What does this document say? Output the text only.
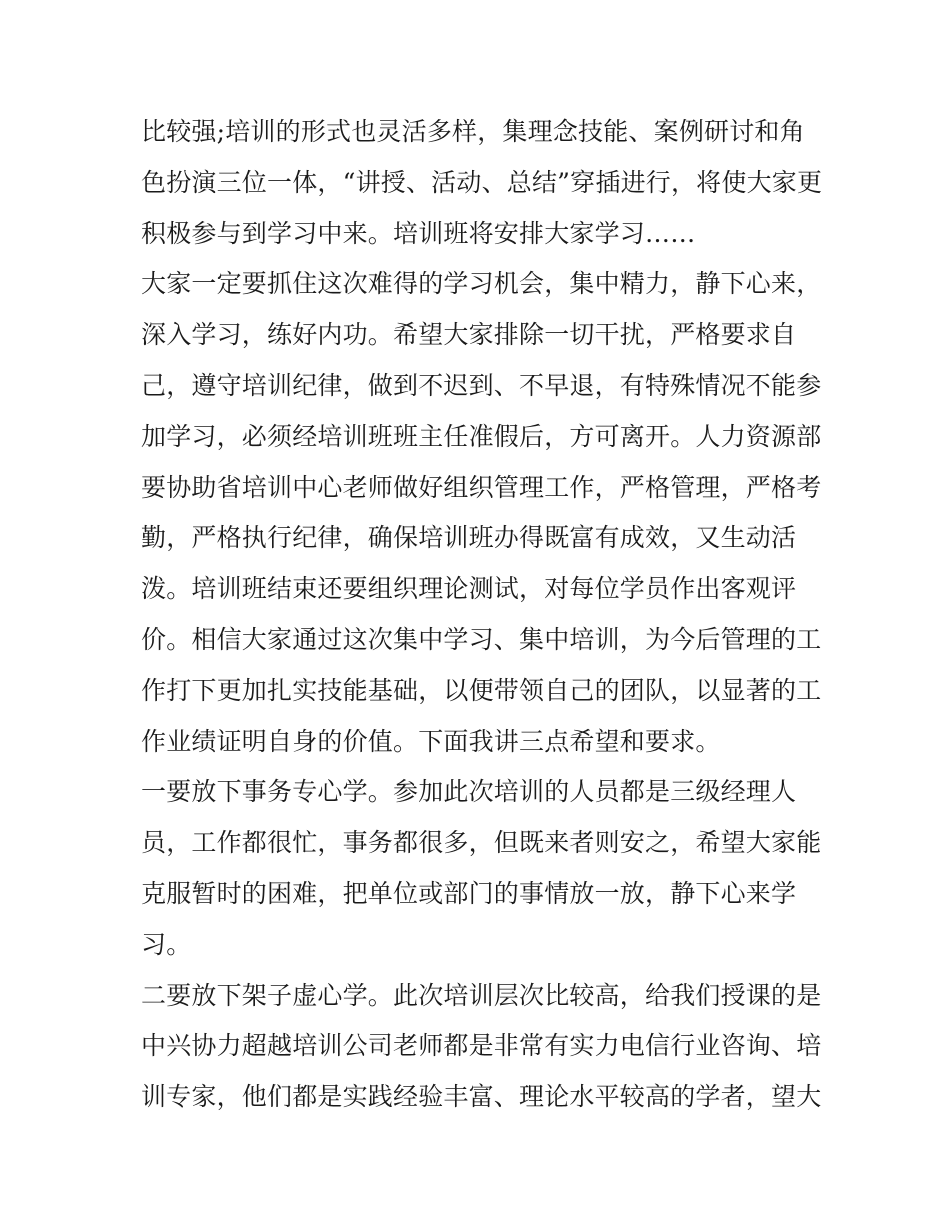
比较强;培训的形式也灵活多样，集理念技能、案例研讨和角
色扮演三位一体，“讲授、活动、总结”穿插进行，将使大家更
积极参与到学习中来。培训班将安排大家学习……
大家一定要抓住这次难得的学习机会，集中精力，静下心来，
深入学习，练好内功。希望大家排除一切干扰，严格要求自
己，遵守培训纪律，做到不迟到、不早退，有特殊情况不能参
加学习，必须经培训班班主任准假后，方可离开。人力资源部
要协助省培训中心老师做好组织管理工作，严格管理，严格考
勤，严格执行纪律，确保培训班办得既富有成效，又生动活
泼。培训班结束还要组织理论测试，对每位学员作出客观评
价。相信大家通过这次集中学习、集中培训，为今后管理的工
作打下更加扎实技能基础，以便带领自己的团队，以显著的工
作业绩证明自身的价值。下面我讲三点希望和要求。
一要放下事务专心学。参加此次培训的人员都是三级经理人
员，工作都很忙，事务都很多，但既来者则安之，希望大家能
克服暂时的困难，把单位或部门的事情放一放，静下心来学
习。
二要放下架子虚心学。此次培训层次比较高，给我们授课的是
中兴协力超越培训公司老师都是非常有实力电信行业咨询、培
训专家，他们都是实践经验丰富、理论水平较高的学者，望大
